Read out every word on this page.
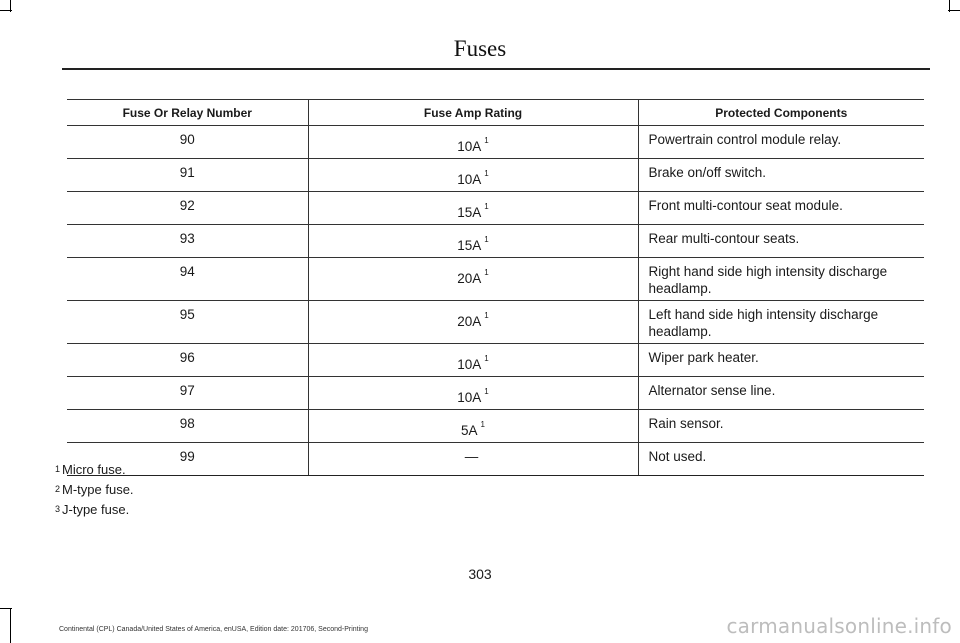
Fuses
Fuse Or Relay Number	Fuse Amp Rating	Protected Components
90	10A $^1$	Powertrain control module relay.
91	10A $^1$	Brake on/off switch.
92	15A $^1$	Front multi-contour seat module.
93	15A $^1$	Rear multi-contour seats.
94	20A $^1$	Right hand side high intensity discharge headlamp.
95	20A $^1$	Left hand side high intensity discharge headlamp.
96	10A $^1$	Wiper park heater.
97	10A $^1$	Alternator sense line.
98	5A $^1$	Rain sensor.
99	—	Not used.
$^1$ Micro fuse.
$^2$ M-type fuse.
$^3$ J-type fuse.
303
Continental (CPL) Canada/United States of America, enUSA, Edition date: 201706, Second-Printing	carmanualsonline.info
